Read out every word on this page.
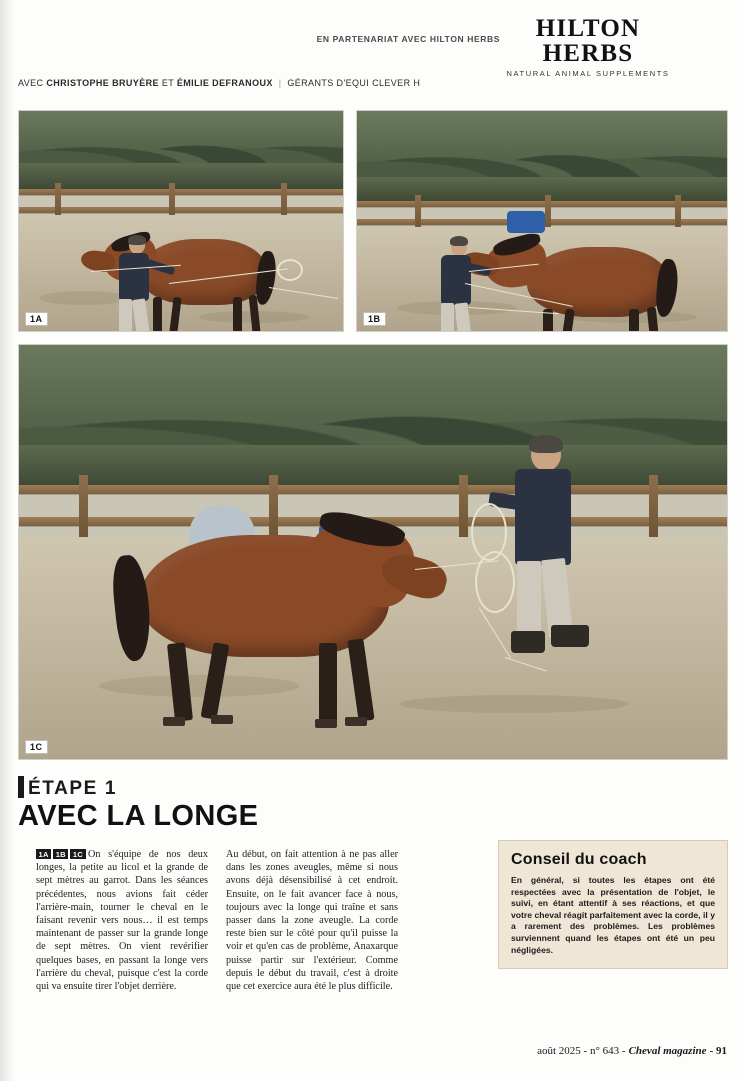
EN PARTENARIAT AVEC HILTON HERBS	HILTON HERBS
NATURAL ANIMAL SUPPLEMENTS
AVEC CHRISTOPHE BRUYÈRE ET ÉMILIE DEFRANOUX | GÉRANTS D'EQUI CLEVER H
1A	1B
1C
ÉTAPE 1
AVEC LA LONGE
1A 1B 1C On s'équipe de nos deux longes, la petite au licol et la grande de sept mètres au garrot. Dans les séances précédentes, nous avions fait céder l'arrière-main, tourner le cheval en le faisant revenir vers nous… il est temps maintenant de passer sur la grande longe de sept mètres. On vient revérifier quelques bases, en passant la longe vers l'arrière du cheval, puisque c'est la corde qui va ensuite tirer l'objet derrière.
Au début, on fait attention à ne pas aller dans les zones aveugles, même si nous avons déjà désensibilisé à cet endroit. Ensuite, on le fait avancer face à nous, toujours avec la longe qui traîne et sans passer dans la zone aveugle. La corde reste bien sur le côté pour qu'il puisse la voir et qu'en cas de problème, Anaxarque puisse partir sur l'extérieur. Comme depuis le début du travail, c'est à droite que cet exercice aura été le plus difficile.
Conseil du coach
En général, si toutes les étapes ont été respectées avec la présentation de l'objet, le suivi, en étant attentif à ses réactions, et que votre cheval réagit parfaitement avec la corde, il y a rarement des problèmes. Les problèmes surviennent quand les étapes ont été un peu négligées.
août 2025 - n° 643 - Cheval magazine - 91
